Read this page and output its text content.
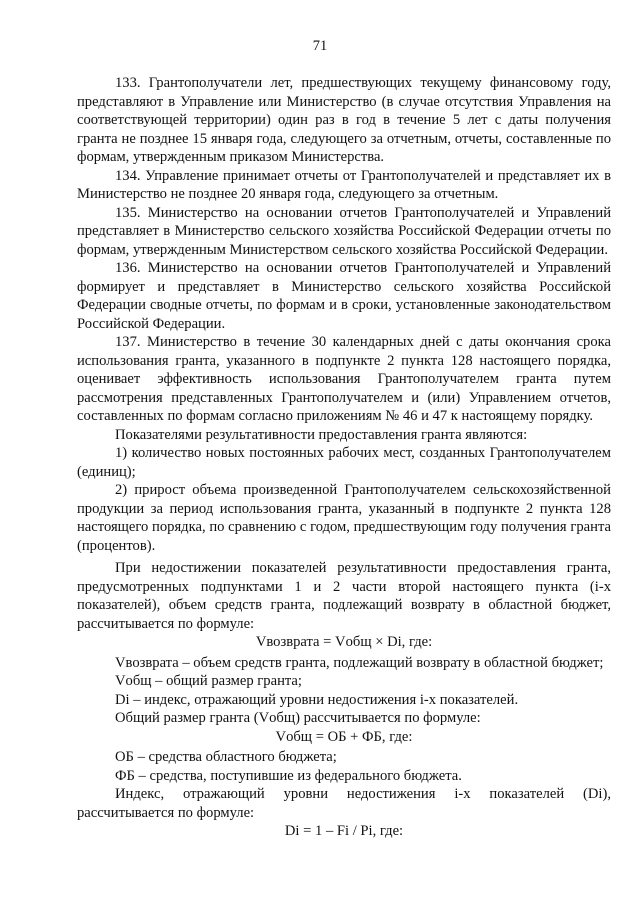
71

133. Грантополучатели лет, предшествующих текущему финансовому году, представляют в Управление или Министерство (в случае отсутствия Управления на соответствующей территории) один раз в год в течение 5 лет с даты получения гранта не позднее 15 января года, следующего за отчетным, отчеты, составленные по формам, утвержденным приказом Министерства.

134. Управление принимает отчеты от Грантополучателей и представляет их в Министерство не позднее 20 января года, следующего за отчетным.

135. Министерство на основании отчетов Грантополучателей и Управлений представляет в Министерство сельского хозяйства Российской Федерации отчеты по формам, утвержденным Министерством сельского хозяйства Российской Федерации.

136. Министерство на основании отчетов Грантополучателей и Управлений формирует и представляет в Министерство сельского хозяйства Российской Федерации сводные отчеты, по формам и в сроки, установленные законодательством Российской Федерации.

137. Министерство в течение 30 календарных дней с даты окончания срока использования гранта, указанного в подпункте 2 пункта 128 настоящего порядка, оценивает эффективность использования Грантополучателем гранта путем рассмотрения представленных Грантополучателем и (или) Управлением отчетов, составленных по формам согласно приложениям № 46 и 47 к настоящему порядку.

Показателями результативности предоставления гранта являются:

1) количество новых постоянных рабочих мест, созданных Грантополучателем (единиц);

2) прирост объема произведенной Грантополучателем сельскохозяйственной продукции за период использования гранта, указанный в подпункте 2 пункта 128 настоящего порядка, по сравнению с годом, предшествующим году получения гранта (процентов).

При недостижении показателей результативности предоставления гранта, предусмотренных подпунктами 1 и 2 части второй настоящего пункта (i-х показателей), объем средств гранта, подлежащий возврату в областной бюджет, рассчитывается по формуле:

Vвозврата = Vобщ × Di, где:

Vвозврата – объем средств гранта, подлежащий возврату в областной бюджет;

Vобщ – общий размер гранта;

Di – индекс, отражающий уровни недостижения i-х показателей.

Общий размер гранта (Vобщ) рассчитывается по формуле:

Vобщ = ОБ + ФБ, где:

ОБ – средства областного бюджета;

ФБ – средства, поступившие из федерального бюджета.

Индекс, отражающий уровни недостижения i-х показателей (Di), рассчитывается по формуле:

Di = 1 – Fi / Pi, где:
